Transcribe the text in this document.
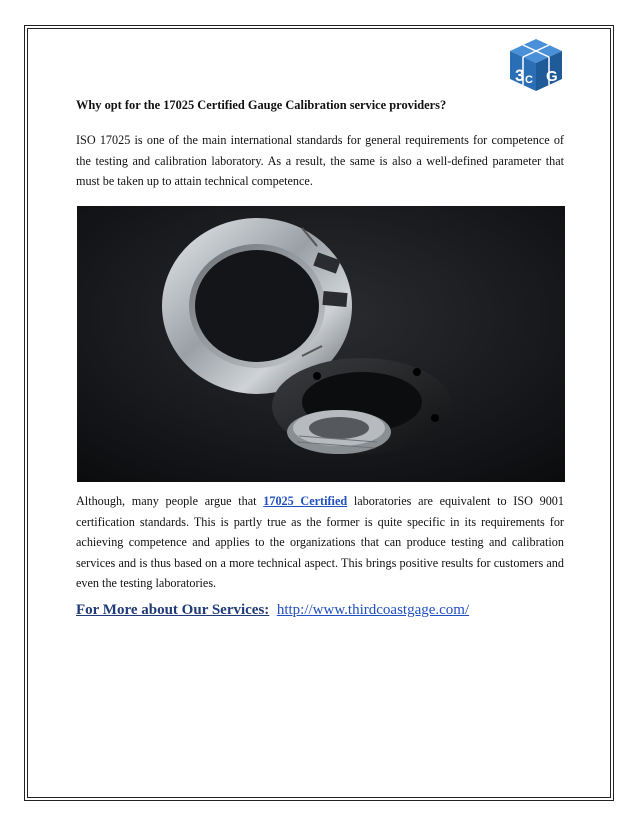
3 C G

Why opt for the 17025 Certified Gauge Calibration service providers?

ISO 17025 is one of the main international standards for general requirements for competence of the testing and calibration laboratory. As a result, the same is also a well-defined parameter that must be taken up to attain technical competence.

Although, many people argue that 17025 Certified laboratories are equivalent to ISO 9001 certification standards. This is partly true as the former is quite specific in its requirements for achieving competence and applies to the organizations that can produce testing and calibration services and is thus based on a more technical aspect. This brings positive results for customers and even the testing laboratories.

For More about Our Services: http://www.thirdcoastgage.com/
